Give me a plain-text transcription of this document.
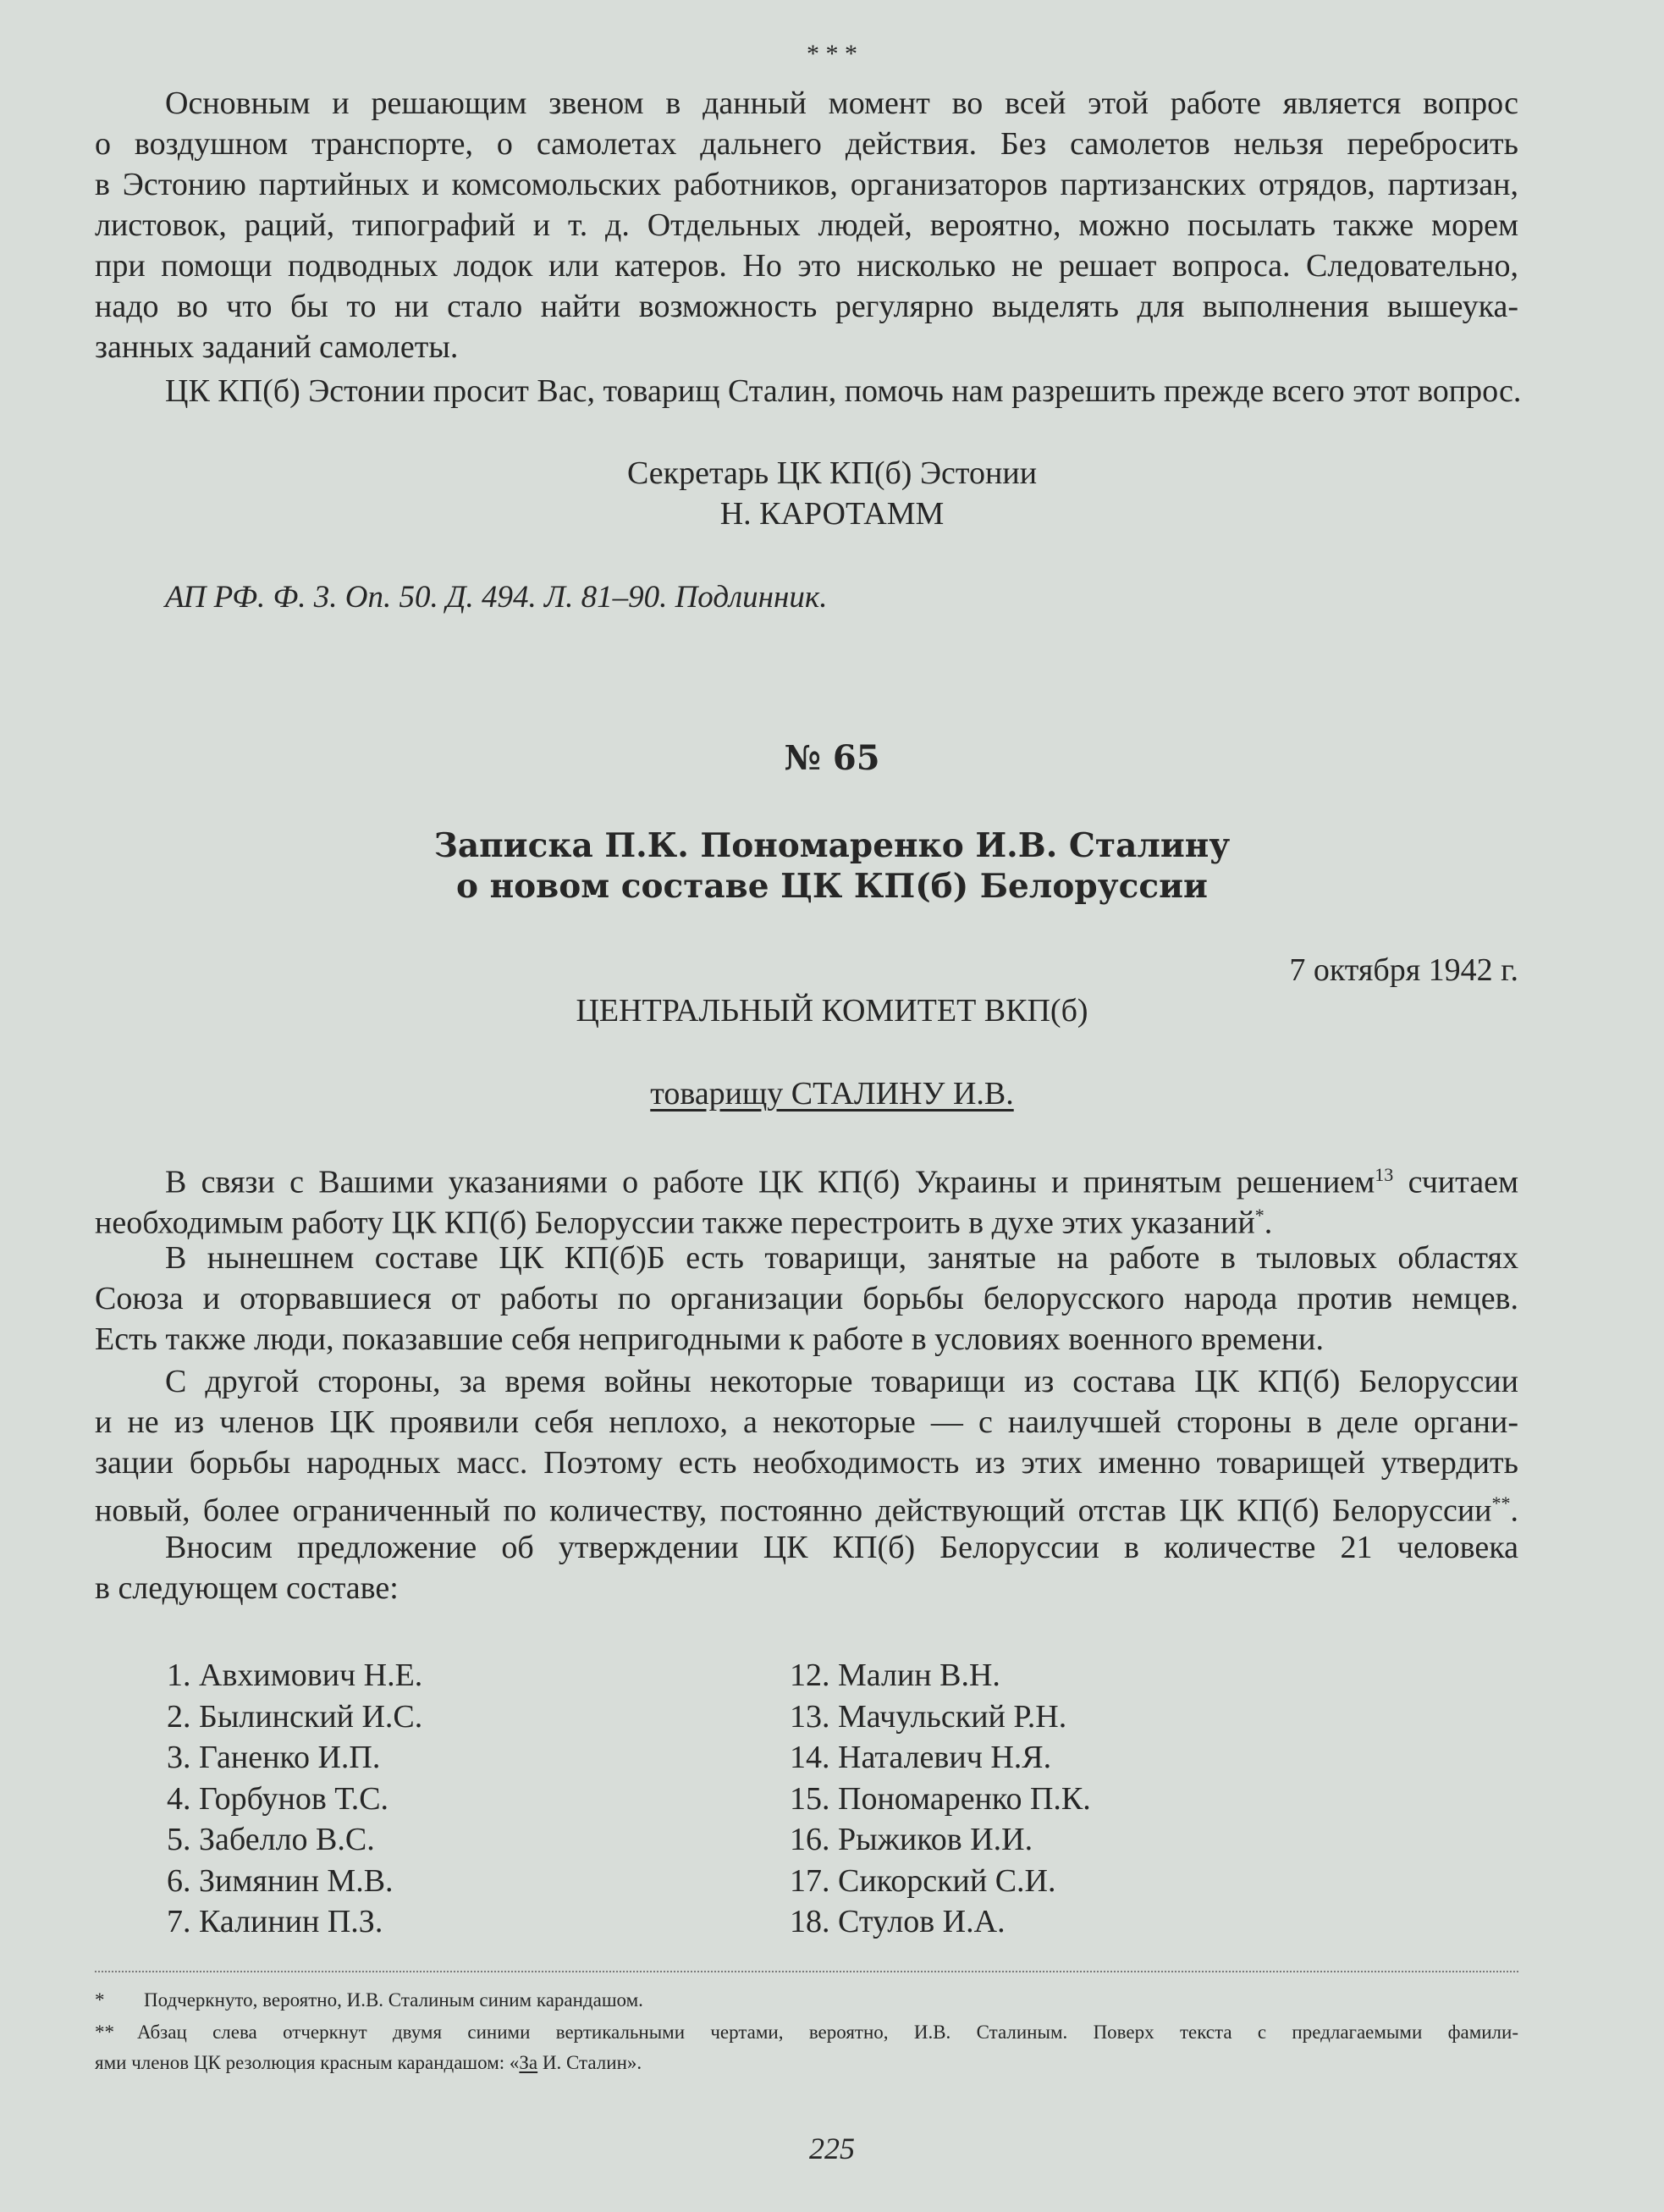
* * *
Основным и решающим звеном в данный момент во всей этой работе является вопрос
о воздушном транспорте, о самолетах дальнего действия. Без самолетов нельзя перебросить
в Эстонию партийных и комсомольских работников, организаторов партизанских отрядов, партизан,
листовок, раций, типографий и т. д. Отдельных людей, вероятно, можно посылать также морем
при помощи подводных лодок или катеров. Но это нисколько не решает вопроса. Следовательно,
надо во что бы то ни стало найти возможность регулярно выделять для выполнения вышеука-
занных заданий самолеты.
ЦК КП(б) Эстонии просит Вас, товарищ Сталин, помочь нам разрешить прежде всего этот вопрос.
Секретарь ЦК КП(б) Эстонии
Н. КАРОТАММ
АП РФ. Ф. 3. Оп. 50. Д. 494. Л. 81–90. Подлинник.
№ 65
Записка П.К. Пономаренко И.В. Сталину
о новом составе ЦК КП(б) Белоруссии
7 октября 1942 г.
ЦЕНТРАЛЬНЫЙ КОМИТЕТ ВКП(б)
товарищу СТАЛИНУ И.В.
В связи с Вашими указаниями о работе ЦК КП(б) Украины и принятым решением$^{13}$ считаем
необходимым работу ЦК КП(б) Белоруссии также перестроить в духе этих указаний*.
В нынешнем составе ЦК КП(б)Б есть товарищи, занятые на работе в тыловых областях
Союза и оторвавшиеся от работы по организации борьбы белорусского народа против немцев.
Есть также люди, показавшие себя непригодными к работе в условиях военного времени.
С другой стороны, за время войны некоторые товарищи из состава ЦК КП(б) Белоруссии
и не из членов ЦК проявили себя неплохо, а некоторые — с наилучшей стороны в деле органи-
зации борьбы народных масс. Поэтому есть необходимость из этих именно товарищей утвердить
новый, более ограниченный по количеству, постоянно действующий отстав ЦК КП(б) Белоруссии**.
Вносим предложение об утверждении ЦК КП(б) Белоруссии в количестве 21 человека
в следующем составе:
1. Авхимович Н.Е.
2. Былинский И.С.
3. Ганенко И.П.
4. Горбунов Т.С.
5. Забелло В.С.
6. Зимянин М.В.
7. Калинин П.З.
12. Малин В.Н.
13. Мачульский Р.Н.
14. Наталевич Н.Я.
15. Пономаренко П.К.
16. Рыжиков И.И.
17. Сикорский С.И.
18. Стулов И.А.
* Подчеркнуто, вероятно, И.В. Сталиным синим карандашом.
** Абзац слева отчеркнут двумя синими вертикальными чертами, вероятно, И.В. Сталиным. Поверх текста с предлагаемыми фамили-
ями членов ЦК резолюция красным карандашом: «За И. Сталин».
225
